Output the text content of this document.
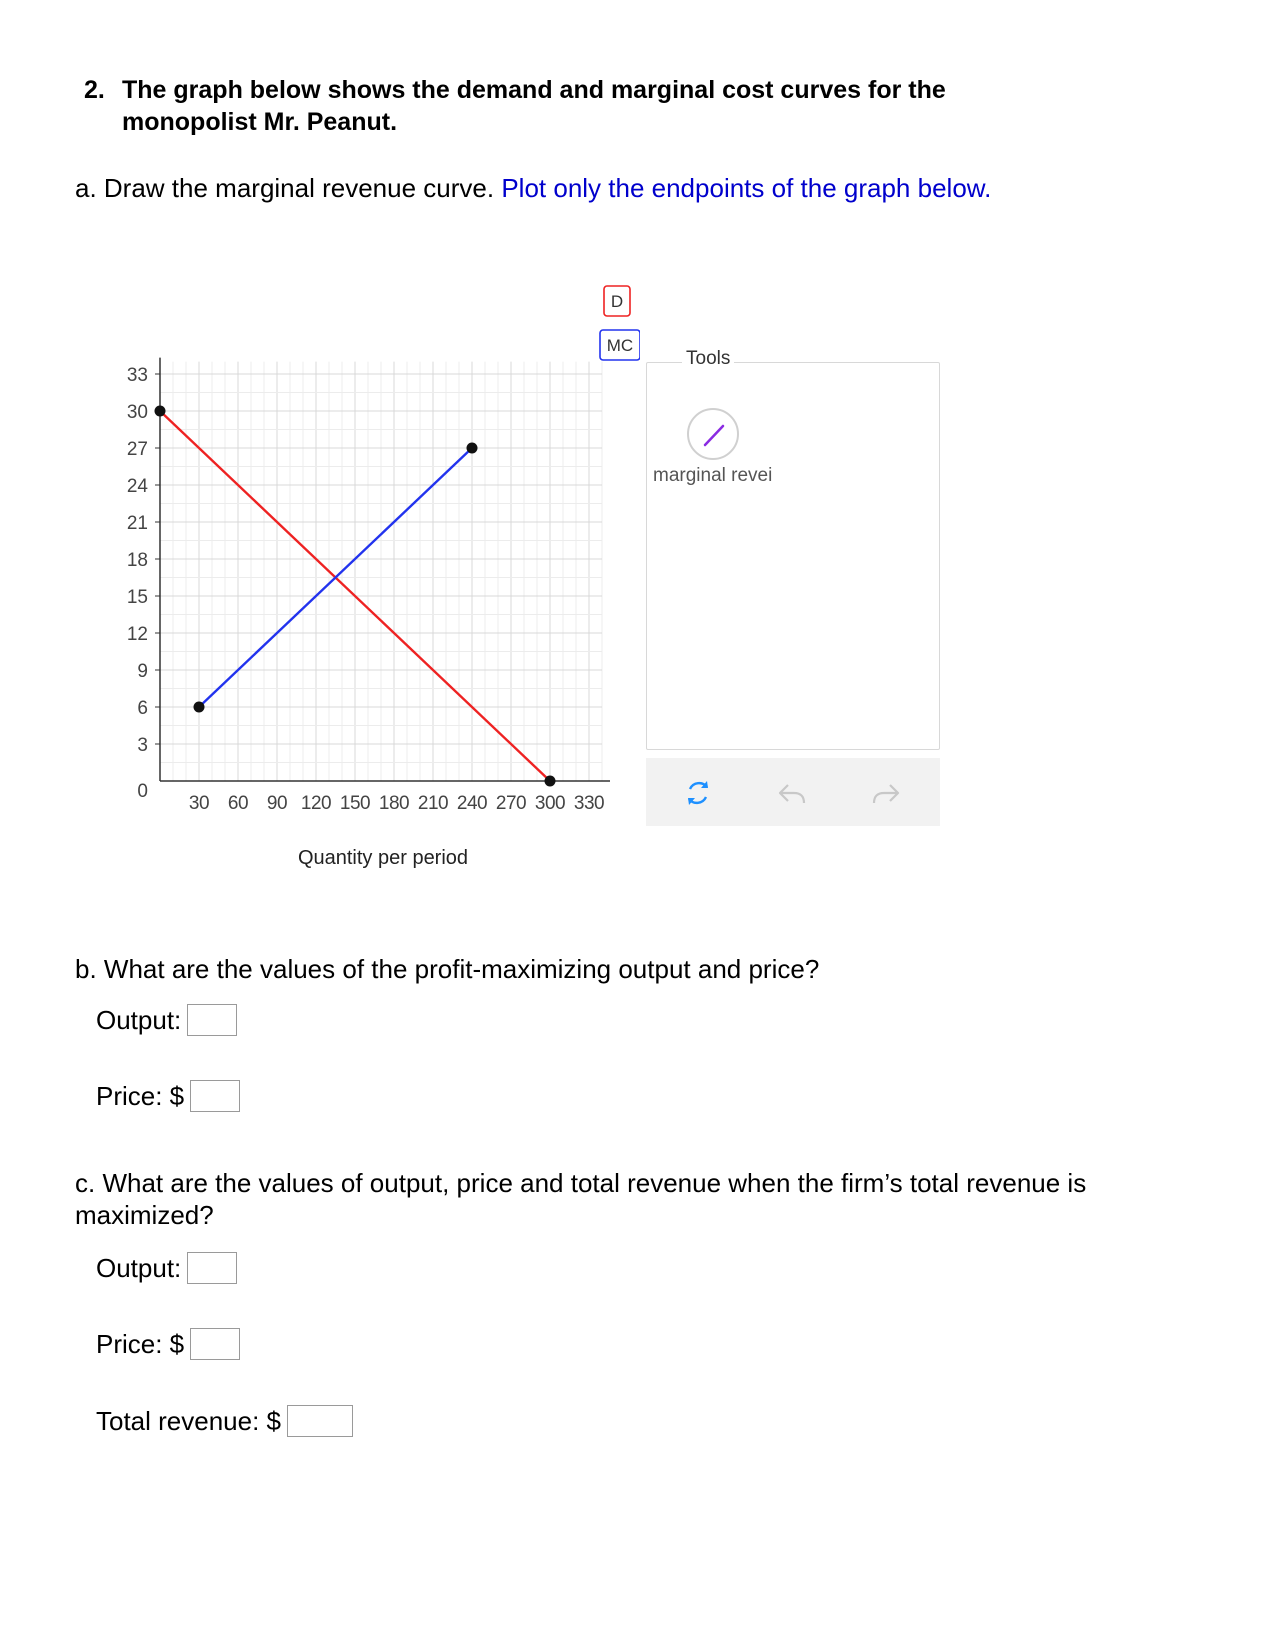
2. The graph below shows the demand and marginal cost curves for the monopolist Mr. Peanut.
a. Draw the marginal revenue curve. Plot only the endpoints of the graph below.
0
3
6
9
12
15
18
21
24
27
30
33
30 60 90 120 150 180 210 240 270 300 330
Quantity per period
D
MC
marginal revei
Tools
b. What are the values of the profit-maximizing output and price?
Output:
Price: $
c. What are the values of output, price and total revenue when the firm’s total revenue is maximized?
Output:
Price: $
Total revenue: $
